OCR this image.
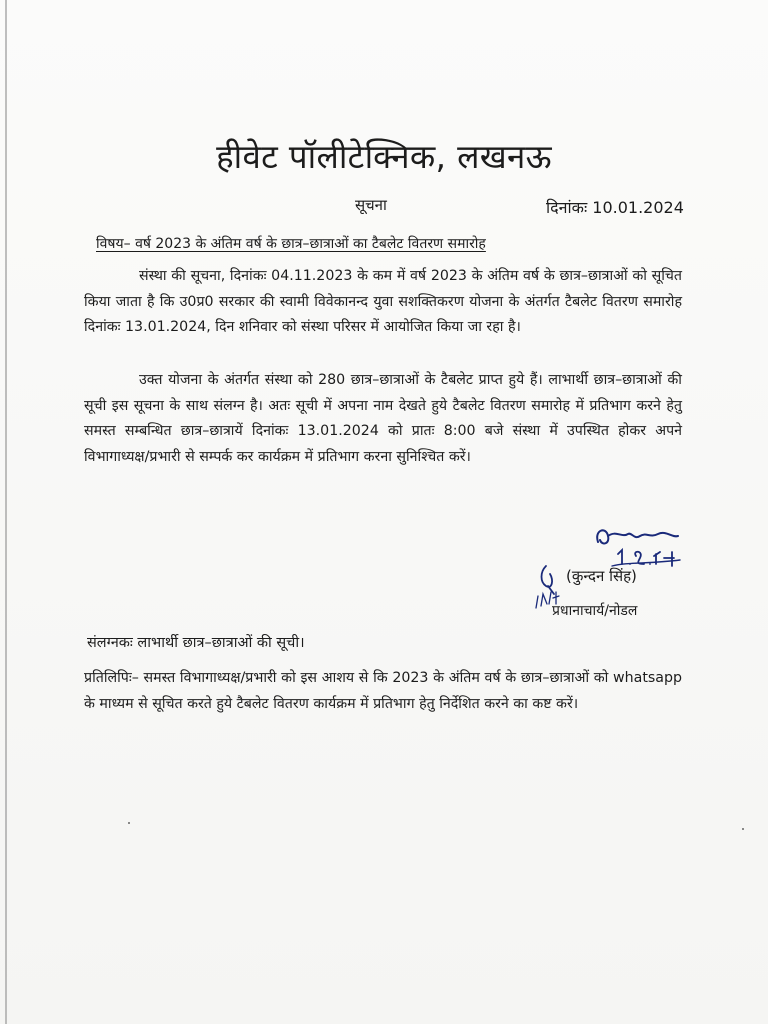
हीवेट पॉलीटेक्निक, लखनऊ
सूचना	दिनांकः 10.01.2024
विषय– वर्ष 2023 के अंतिम वर्ष के छात्र–छात्राओं का टैबलेट वितरण समारोह
संस्था की सूचना, दिनांकः 04.11.2023 के कम में वर्ष 2023 के अंतिम वर्ष के छात्र–छात्राओं को सूचित किया जाता है कि उ0प्र0 सरकार की स्वामी विवेकानन्द युवा सशक्तिकरण योजना के अंतर्गत टैबलेट वितरण समारोह दिनांकः 13.01.2024, दिन शनिवार को संस्था परिसर में आयोजित किया जा रहा है।
उक्त योजना के अंतर्गत संस्था को 280 छात्र–छात्राओं के टैबलेट प्राप्त हुये हैं। लाभार्थी छात्र–छात्राओं की सूची इस सूचना के साथ संलग्न है। अतः सूची में अपना नाम देखते हुये टैबलेट वितरण समारोह में प्रतिभाग करने हेतु समस्त सम्बन्धित छात्र–छात्रायें दिनांकः 13.01.2024 को प्रातः 8:00 बजे संस्था में उपस्थित होकर अपने विभागाध्यक्ष/प्रभारी से सम्पर्क कर कार्यक्रम में प्रतिभाग करना सुनिश्चित करें।
(कुन्दन सिंह)
प्रधानाचार्य/नोडल
संलग्नकः लाभार्थी छात्र–छात्राओं की सूची।
प्रतिलिपिः– समस्त विभागाध्यक्ष/प्रभारी को इस आशय से कि 2023 के अंतिम वर्ष के छात्र–छात्राओं को whatsapp के माध्यम से सूचित करते हुये टैबलेट वितरण कार्यक्रम में प्रतिभाग हेतु निर्देशित करने का कष्ट करें।
